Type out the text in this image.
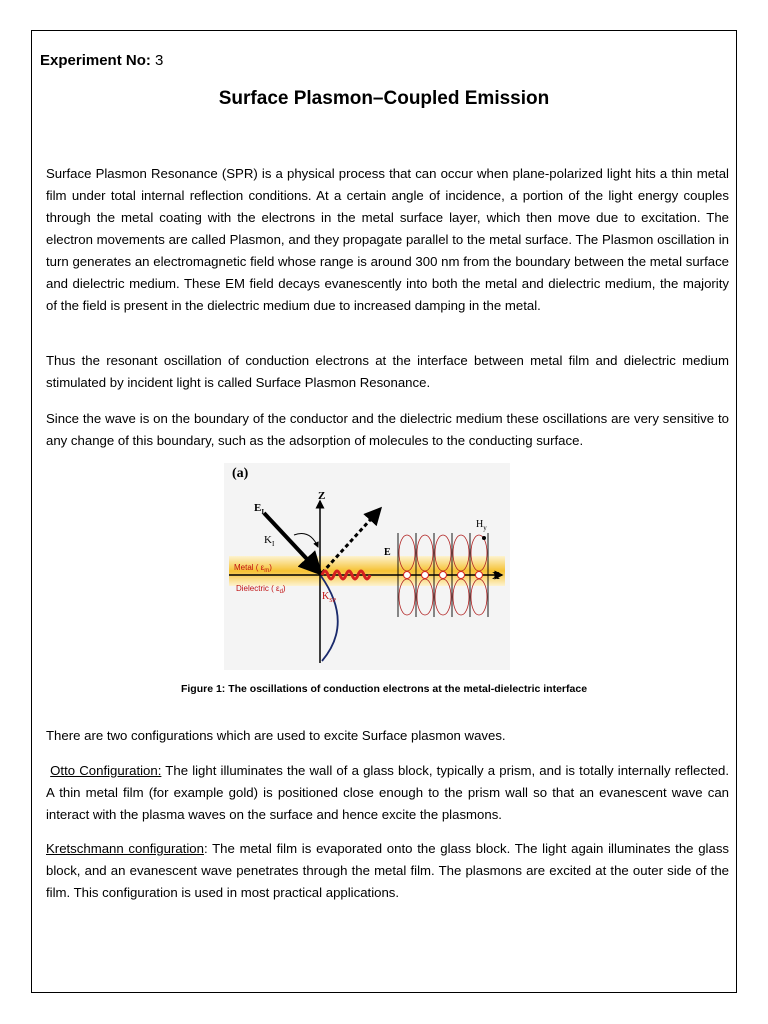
Experiment No: 3
Surface Plasmon–Coupled Emission

Surface Plasmon Resonance (SPR) is a physical process that can occur when plane-polarized light hits a thin metal film under total internal reflection conditions. At a certain angle of incidence, a portion of the light energy couples through the metal coating with the electrons in the metal surface layer, which then move due to excitation. The electron movements are called Plasmon, and they propagate parallel to the metal surface. The Plasmon oscillation in turn generates an electromagnetic field whose range is around 300 nm from the boundary between the metal surface and dielectric medium. These EM field decays evanescently into both the metal and dielectric medium, the majority of the field is present in the dielectric medium due to increased damping in the metal.

Thus the resonant oscillation of conduction electrons at the interface between metal film and dielectric medium stimulated by incident light is called Surface Plasmon Resonance.

Since the wave is on the boundary of the conductor and the dielectric medium these oscillations are very sensitive to any change of this boundary, such as the adsorption of molecules to the conducting surface.

(a)
Z
X
$E_I$
$K_I$
E
$H_y$
Metal ( $\varepsilon_m$)
Dielectric ( $\varepsilon_d$)
$K_{SP}$
Figure 1: The oscillations of conduction electrons at the metal-dielectric interface

There are two configurations which are used to excite Surface plasmon waves.

Otto Configuration: The light illuminates the wall of a glass block, typically a prism, and is totally internally reflected. A thin metal film (for example gold) is positioned close enough to the prism wall so that an evanescent wave can interact with the plasma waves on the surface and hence excite the plasmons.

Kretschmann configuration: The metal film is evaporated onto the glass block. The light again illuminates the glass block, and an evanescent wave penetrates through the metal film. The plasmons are excited at the outer side of the film. This configuration is used in most practical applications.
